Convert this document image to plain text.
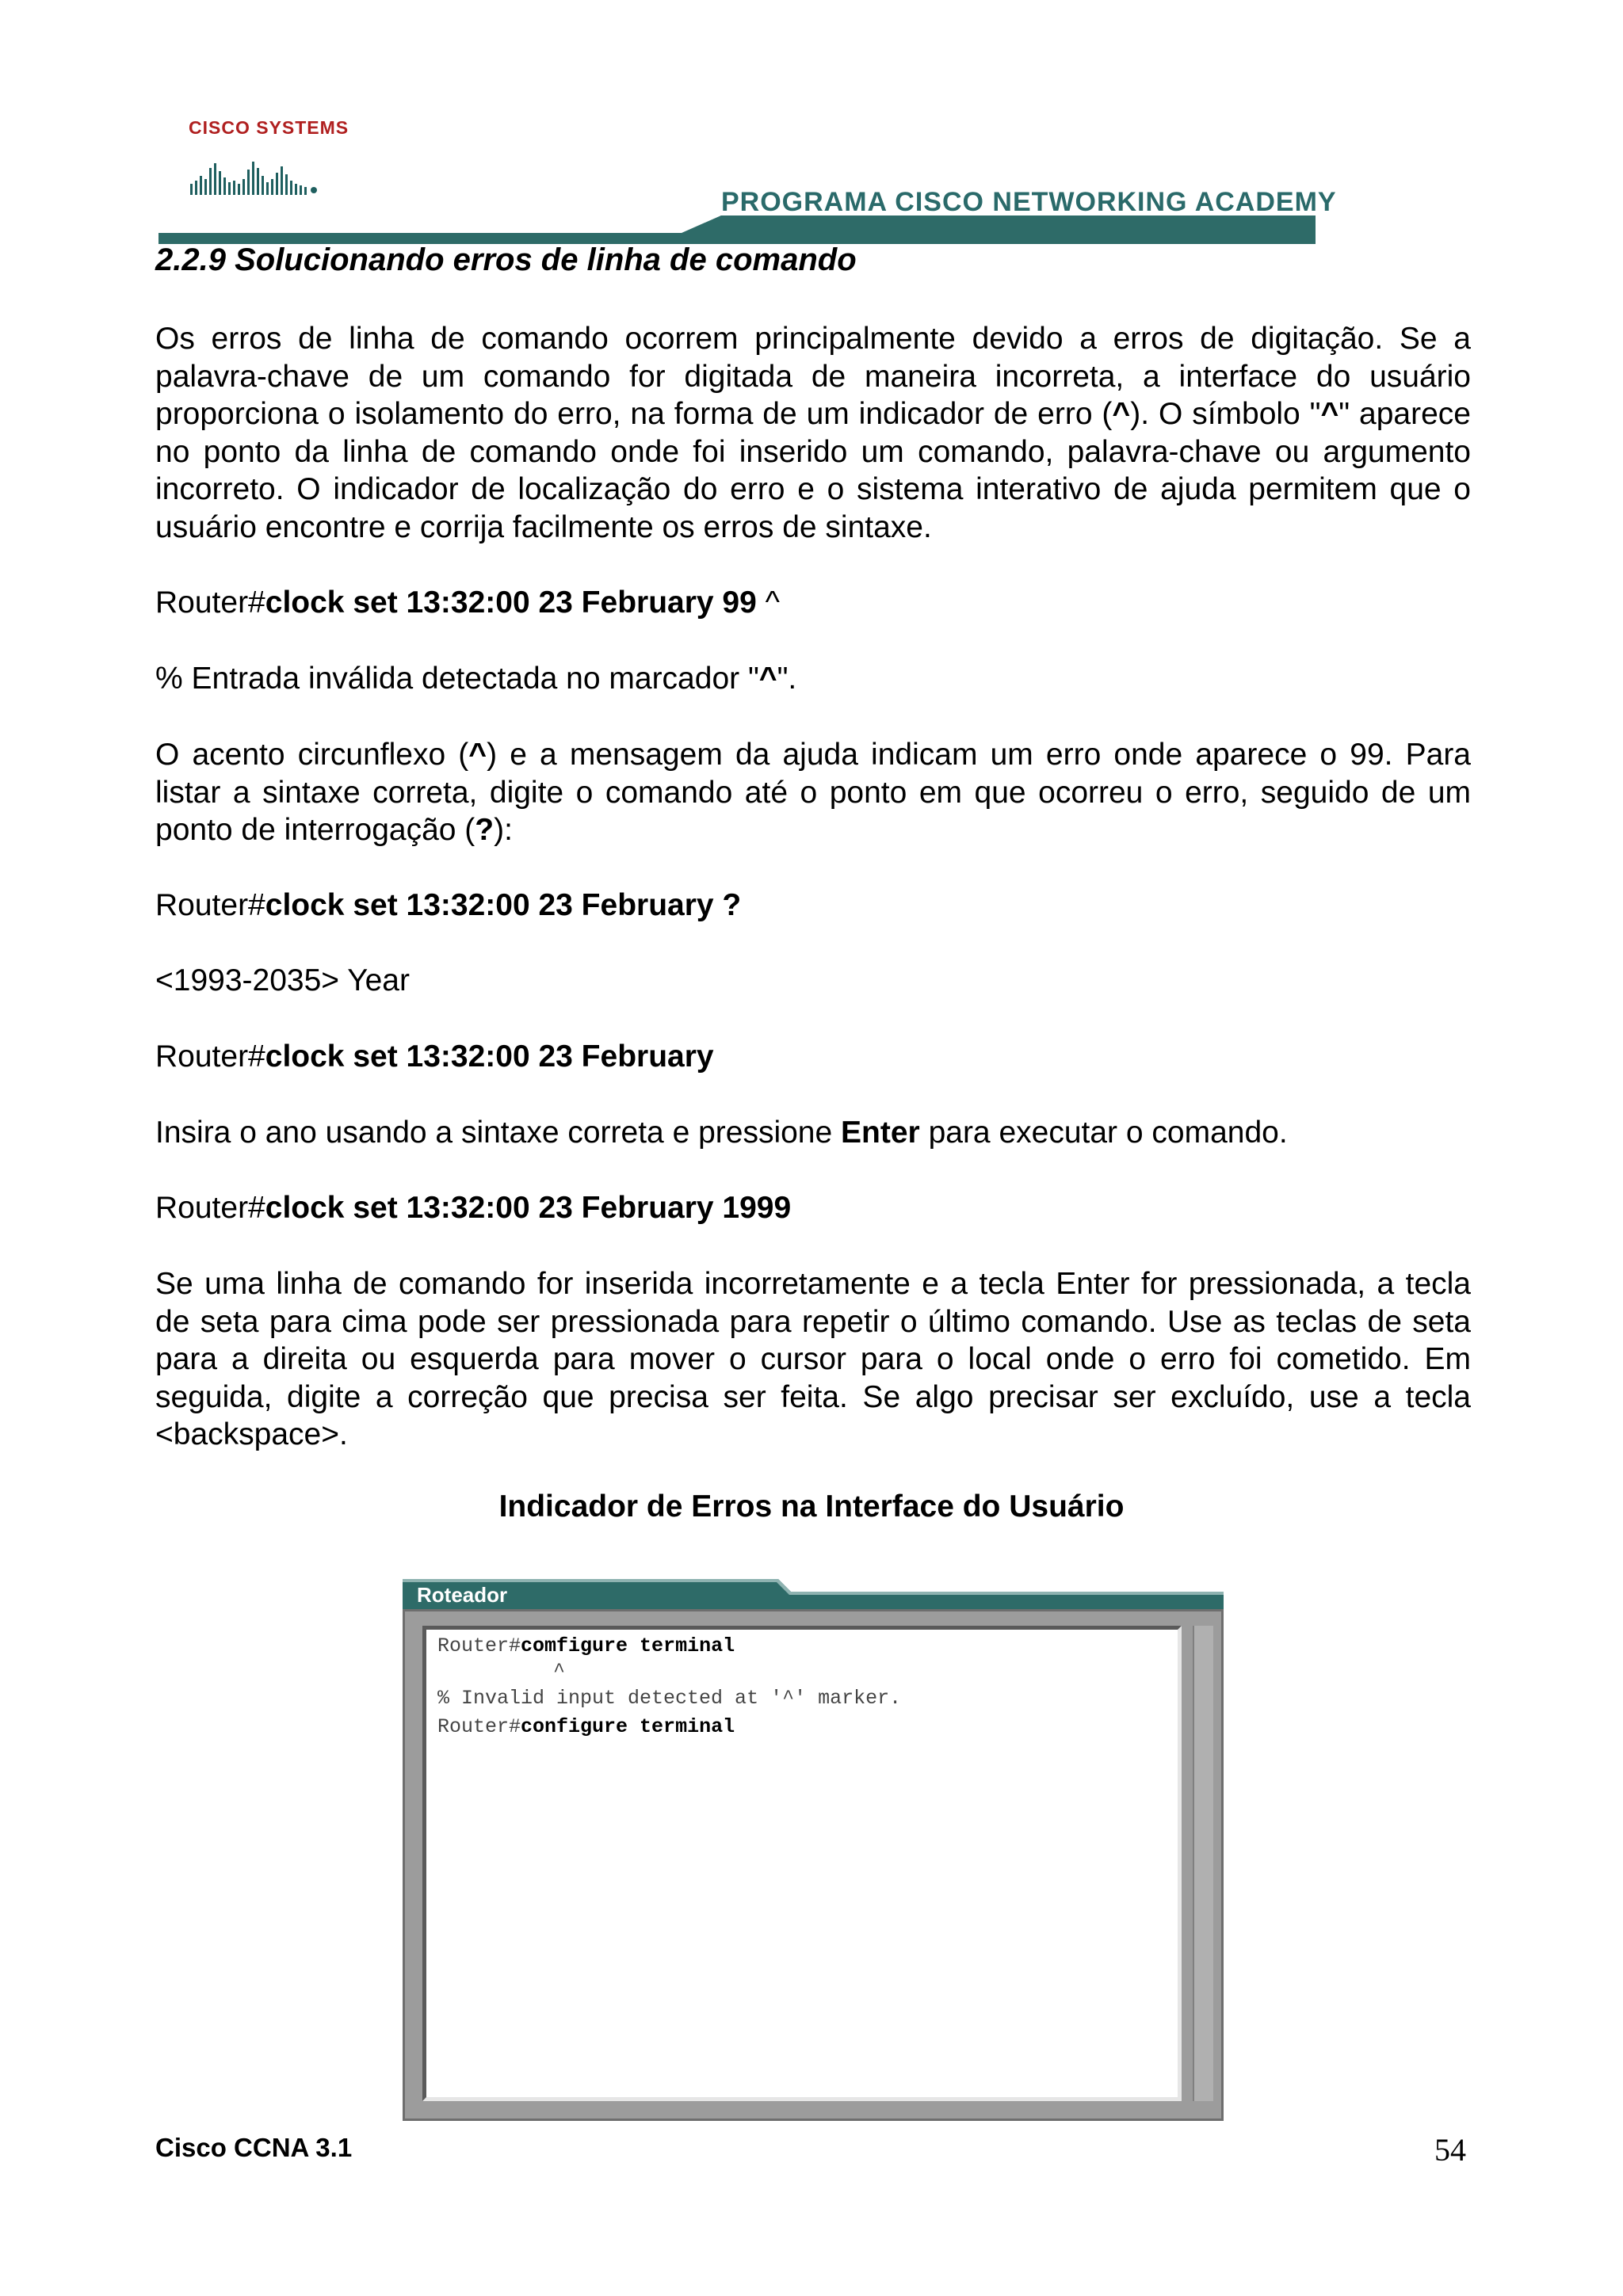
CISCO SYSTEMS
PROGRAMA CISCO NETWORKING ACADEMY
2.2.9 Solucionando erros de linha de comando
Os erros de linha de comando ocorrem principalmente devido a erros de digitação. Se a palavra-chave de um comando for digitada de maneira incorreta, a interface do usuário proporciona o isolamento do erro, na forma de um indicador de erro (^). O símbolo "^" aparece no ponto da linha de comando onde foi inserido um comando, palavra-chave ou argumento incorreto. O indicador de localização do erro e o sistema interativo de ajuda permitem que o usuário encontre e corrija facilmente os erros de sintaxe.
Router#clock set 13:32:00 23 February 99 ^
% Entrada inválida detectada no marcador "^".
O acento circunflexo (^) e a mensagem da ajuda indicam um erro onde aparece o 99. Para listar a sintaxe correta, digite o comando até o ponto em que ocorreu o erro, seguido de um ponto de interrogação (?):
Router#clock set 13:32:00 23 February ?
<1993-2035> Year
Router#clock set 13:32:00 23 February
Insira o ano usando a sintaxe correta e pressione Enter para executar o comando.
Router#clock set 13:32:00 23 February 1999
Se uma linha de comando for inserida incorretamente e a tecla Enter for pressionada, a tecla de seta para cima pode ser pressionada para repetir o último comando. Use as teclas de seta para a direita ou esquerda para mover o cursor para o local onde o erro foi cometido. Em seguida, digite a correção que precisa ser feita. Se algo precisar ser excluído, use a tecla <backspace>.
Indicador de Erros na Interface do Usuário
Roteador
Router#comfigure terminal
^
% Invalid input detected at '^' marker.
Router#configure terminal
Cisco CCNA 3.1	54
